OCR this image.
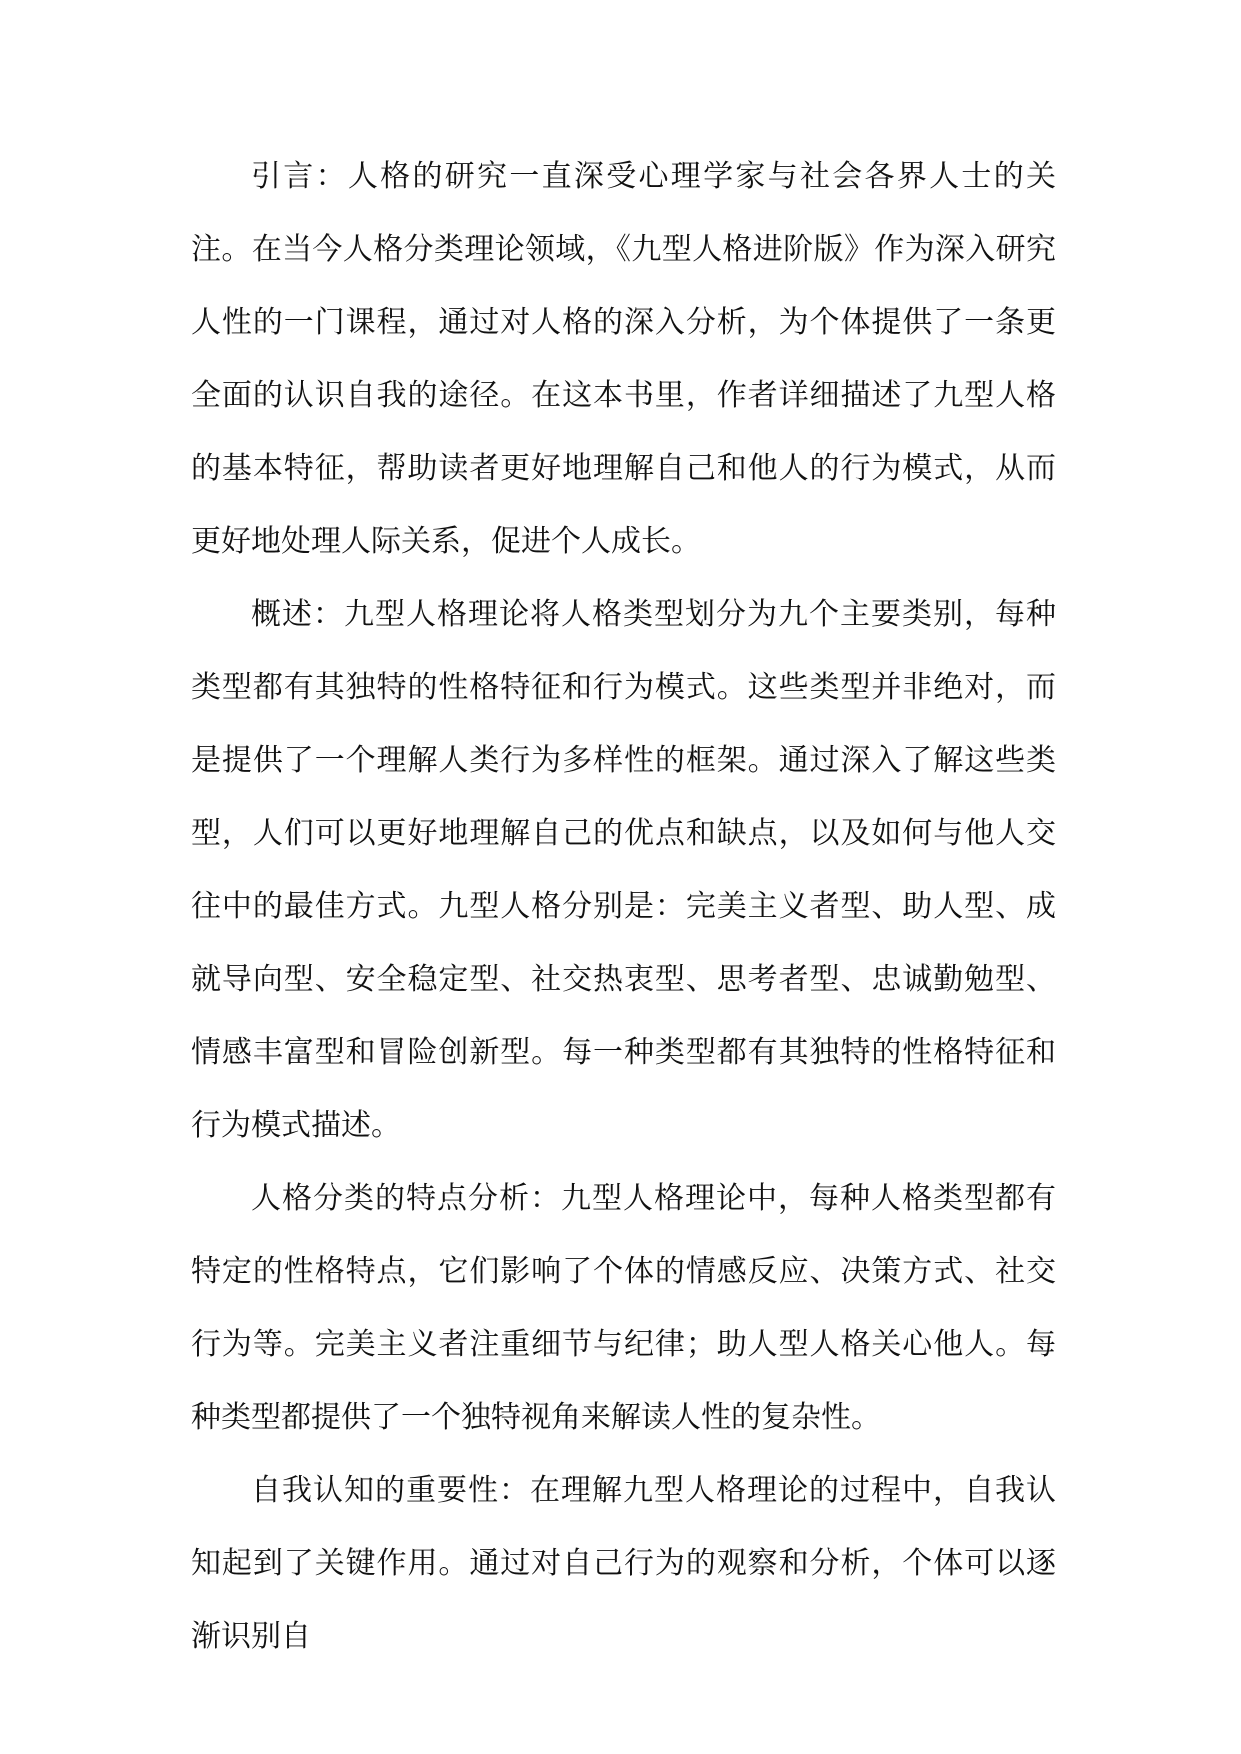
引言：人格的研究一直深受心理学家与社会各界人士的关注。在当今人格分类理论领域，《九型人格进阶版》作为深入研究人性的一门课程，通过对人格的深入分析，为个体提供了一条更全面的认识自我的途径。在这本书里，作者详细描述了九型人格的基本特征，帮助读者更好地理解自己和他人的行为模式，从而更好地处理人际关系，促进个人成长。

概述：九型人格理论将人格类型划分为九个主要类别，每种类型都有其独特的性格特征和行为模式。这些类型并非绝对，而是提供了一个理解人类行为多样性的框架。通过深入了解这些类型，人们可以更好地理解自己的优点和缺点，以及如何与他人交往中的最佳方式。九型人格分别是：完美主义者型、助人型、成就导向型、安全稳定型、社交热衷型、思考者型、忠诚勤勉型、情感丰富型和冒险创新型。每一种类型都有其独特的性格特征和行为模式描述。

人格分类的特点分析：九型人格理论中，每种人格类型都有特定的性格特点，它们影响了个体的情感反应、决策方式、社交行为等。完美主义者注重细节与纪律；助人型人格关心他人。每种类型都提供了一个独特视角来解读人性的复杂性。

自我认知的重要性：在理解九型人格理论的过程中，自我认知起到了关键作用。通过对自己行为的观察和分析，个体可以逐渐识别自
